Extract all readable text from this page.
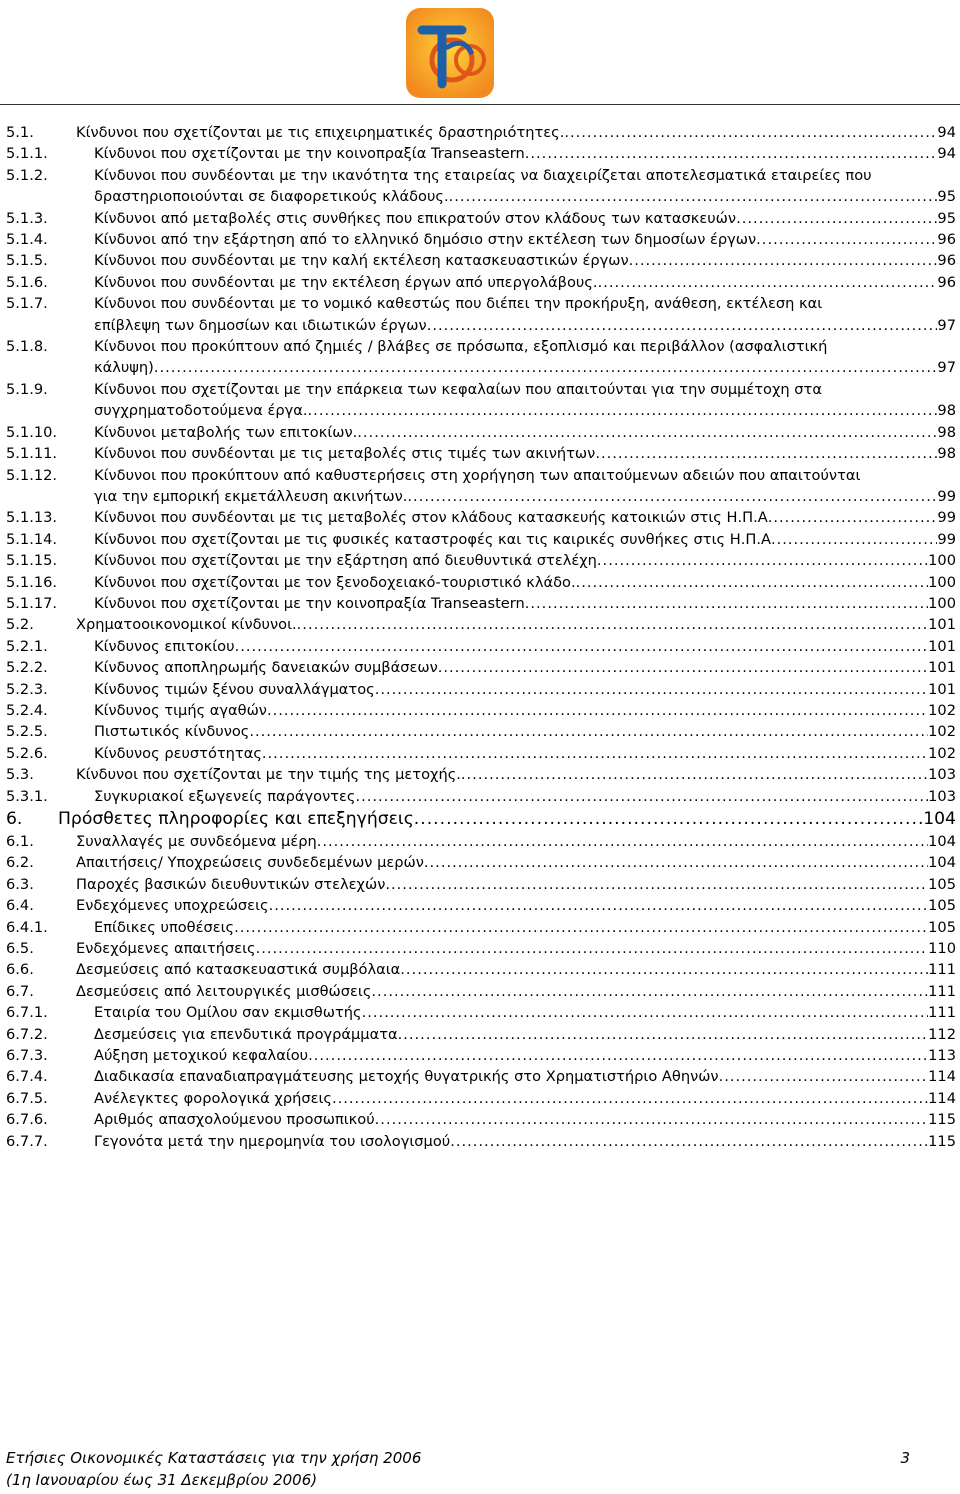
5.1.	Κίνδυνοι που σχετίζονται με τις επιχειρηματικές δραστηριότητες. .....	94
5.1.1.	Κίνδυνοι που σχετίζονται με την κοινοπραξία Transeastern .....	94
5.1.2.	Κίνδυνοι που συνδέονται με την ικανότητα της εταιρείας να διαχειρίζεται αποτελεσματικά εταιρείες που
δραστηριοποιούνται σε διαφορετικούς κλάδους. .....	95
5.1.3.	Κίνδυνοι από μεταβολές στις συνθήκες που επικρατούν στον κλάδους των κατασκευών .....	95
5.1.4.	Κίνδυνοι από την εξάρτηση από το ελληνικό δημόσιο στην εκτέλεση των δημοσίων έργων .....	96
5.1.5.	Κίνδυνοι που συνδέονται με την καλή εκτέλεση κατασκευαστικών έργων .....	96
5.1.6.	Κίνδυνοι που συνδέονται με την εκτέλεση έργων από υπεργολάβους. .....	96
5.1.7.	Κίνδυνοι που συνδέονται με το νομικό καθεστώς που διέπει την προκήρυξη, ανάθεση, εκτέλεση και
επίβλεψη των δημοσίων και ιδιωτικών έργων .....	97
5.1.8.	Κίνδυνοι που προκύπτουν από ζημιές / βλάβες σε πρόσωπα, εξοπλισμό και περιβάλλον (ασφαλιστική
κάλυψη) .....	97
5.1.9.	Κίνδυνοι που σχετίζονται με την επάρκεια των κεφαλαίων που απαιτούνται για την συμμέτοχη στα
συγχρηματοδοτούμενα έργα. .....	98
5.1.10.	Κίνδυνοι μεταβολής των επιτοκίων. .....	98
5.1.11.	Κίνδυνοι που συνδέονται με τις μεταβολές στις τιμές των ακινήτων .....	98
5.1.12.	Κίνδυνοι που προκύπτουν από καθυστερήσεις στη χορήγηση των απαιτούμενων αδειών που απαιτούνται
για την εμπορική εκμετάλλευση ακινήτων. .....	99
5.1.13.	Κίνδυνοι που συνδέονται με τις μεταβολές στον κλάδους κατασκευής κατοικιών στις Η.Π.Α .....	99
5.1.14.	Κίνδυνοι που σχετίζονται με τις φυσικές καταστροφές και τις καιρικές συνθήκες στις Η.Π.Α .....	99
5.1.15.	Κίνδυνοι που σχετίζονται με την εξάρτηση από διευθυντικά στελέχη .....	100
5.1.16.	Κίνδυνοι που σχετίζονται με τον ξενοδοχειακό-τουριστικό κλάδο. .....	100
5.1.17.	Κίνδυνοι που σχετίζονται με την κοινοπραξία Transeastern .....	100
5.2.	Χρηματοοικονομικοί κίνδυνοι. .....	101
5.2.1.	Κίνδυνος επιτοκίου .....	101
5.2.2.	Κίνδυνος αποπληρωμής δανειακών συμβάσεων .....	101
5.2.3.	Κίνδυνος τιμών ξένου συναλλάγματος .....	101
5.2.4.	Κίνδυνος τιμής αγαθών .....	102
5.2.5.	Πιστωτικός κίνδυνος .....	102
5.2.6.	Κίνδυνος ρευστότητας .....	102
5.3.	Κίνδυνοι που σχετίζονται με την τιμής της μετοχής. .....	103
5.3.1.	Συγκυριακοί εξωγενείς παράγοντες .....	103
6. Πρόσθετες πληροφορίες και επεξηγήσεις .....	104
6.1.	Συναλλαγές με συνδεόμενα μέρη .....	104
6.2.	Απαιτήσεις/ Υποχρεώσεις συνδεδεμένων μερών .....	104
6.3.	Παροχές βασικών διευθυντικών στελεχών .....	105
6.4.	Ενδεχόμενες υποχρεώσεις .....	105
6.4.1.	Επίδικες υποθέσεις .....	105
6.5.	Ενδεχόμενες απαιτήσεις .....	110
6.6.	Δεσμεύσεις από κατασκευαστικά συμβόλαια .....	111
6.7.	Δεσμεύσεις από λειτουργικές μισθώσεις .....	111
6.7.1.	Εταιρία του Ομίλου σαν εκμισθωτής .....	111
6.7.2.	Δεσμεύσεις για επενδυτικά προγράμματα .....	112
6.7.3.	Αύξηση μετοχικού κεφαλαίου .....	113
6.7.4.	Διαδικασία επαναδιαπραγμάτευσης μετοχής θυγατρικής στο Χρηματιστήριο Αθηνών .....	114
6.7.5.	Ανέλεγκτες φορολογικά χρήσεις .....	114
6.7.6.	Αριθμός απασχολούμενου προσωπικού .....	115
6.7.7.	Γεγονότα μετά την ημερομηνία του ισολογισμού .....	115
Ετήσιες Οικονομικές Καταστάσεις για την χρήση 2006
(1η Ιανουαρίου έως 31 Δεκεμβρίου 2006)
3
